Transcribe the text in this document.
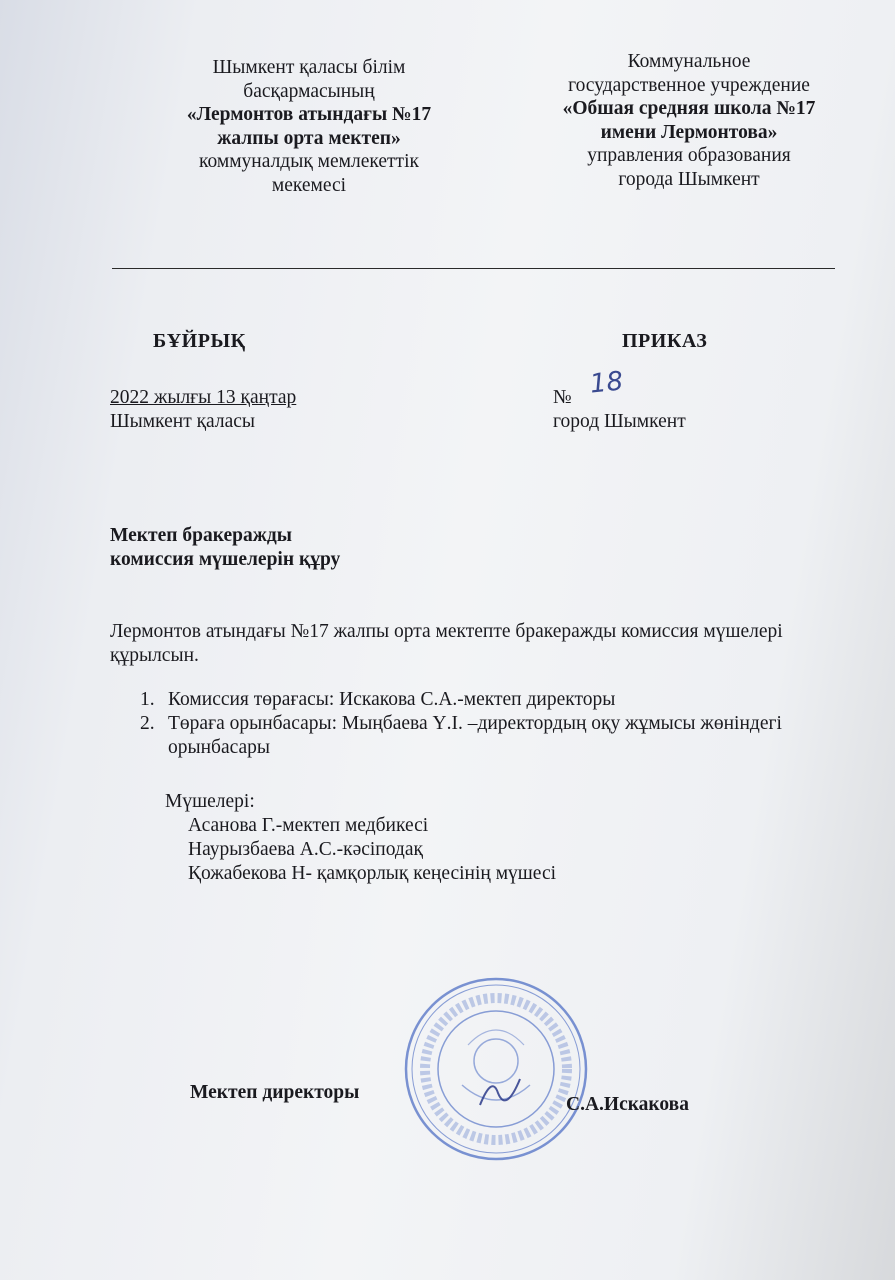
Шымкент қаласы білім
басқармасының
«Лермонтов атындағы №17
жалпы орта мектеп»
коммуналдық мемлекеттік
мекемесі
Коммунальное
государственное учреждение
«Обшая средняя школа №17
имени Лермонтова»
управления образования
города Шымкент
БҰЙРЫҚ	ПРИКАЗ
2022 жылғы 13 қаңтар
Шымкент қаласы
№ 18
город Шымкент
Мектеп бракеражды
комиссия мүшелерін құру
Лермонтов атындағы №17 жалпы орта мектепте бракеражды комиссия мүшелері құрылсын.
1. Комиссия төрағасы: Искакова С.А.-мектеп директоры
2. Төраға орынбасары: Мыңбаева Ү.І. –директордың оқу жұмысы жөніндегі орынбасары
Мүшелері:
Асанова Г.-мектеп медбикесі
Наурызбаева А.С.-кәсіподақ
Қожабекова Н- қамқорлық кеңесінің мүшесі
Мектеп директоры
С.А.Искакова
